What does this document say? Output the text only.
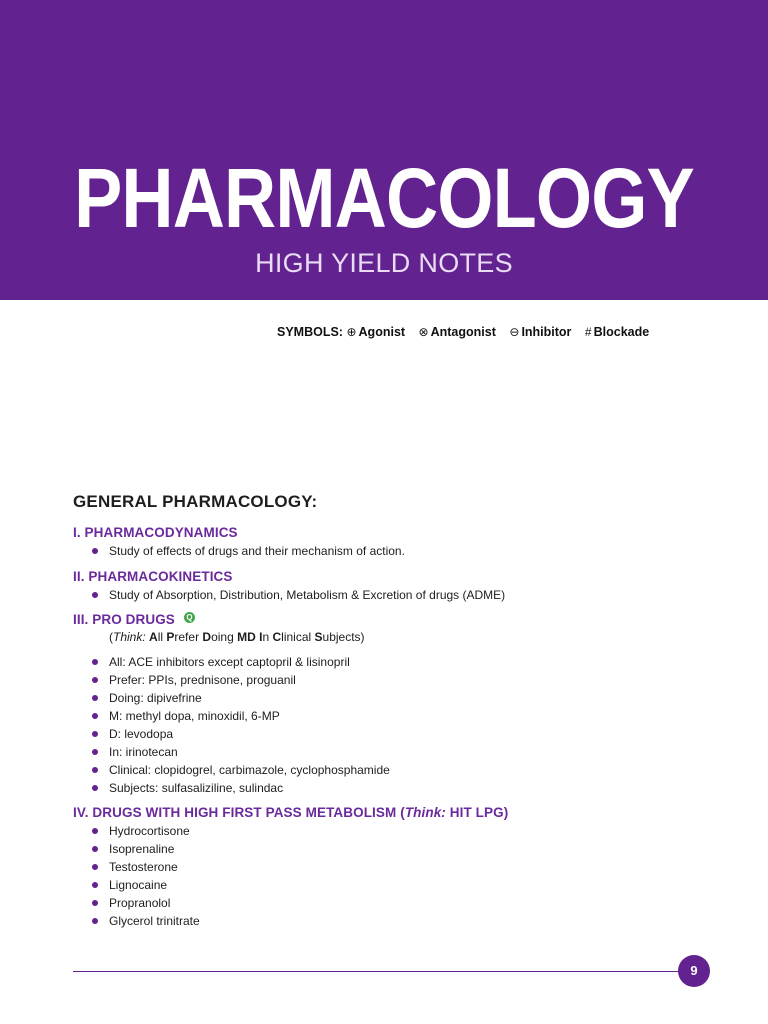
PHARMACOLOGY
HIGH YIELD NOTES
SYMBOLS: ⊕ Agonist ⊗ Antagonist ⊖ Inhibitor # Blockade
GENERAL PHARMACOLOGY:
I. PHARMACODYNAMICS
Study of effects of drugs and their mechanism of action.
II. PHARMACOKINETICS
Study of Absorption, Distribution, Metabolism & Excretion of drugs (ADME)
III. PRO DRUGS Q
(Think: All Prefer Doing MD In Clinical Subjects)
All: ACE inhibitors except captopril & lisinopril
Prefer: PPIs, prednisone, proguanil
Doing: dipivefrine
M: methyl dopa, minoxidil, 6-MP
D: levodopa
In: irinotecan
Clinical: clopidogrel, carbimazole, cyclophosphamide
Subjects: sulfasaliziline, sulindac
IV. DRUGS WITH HIGH FIRST PASS METABOLISM (Think: HIT LPG)
Hydrocortisone
Isoprenaline
Testosterone
Lignocaine
Propranolol
Glycerol trinitrate
9
